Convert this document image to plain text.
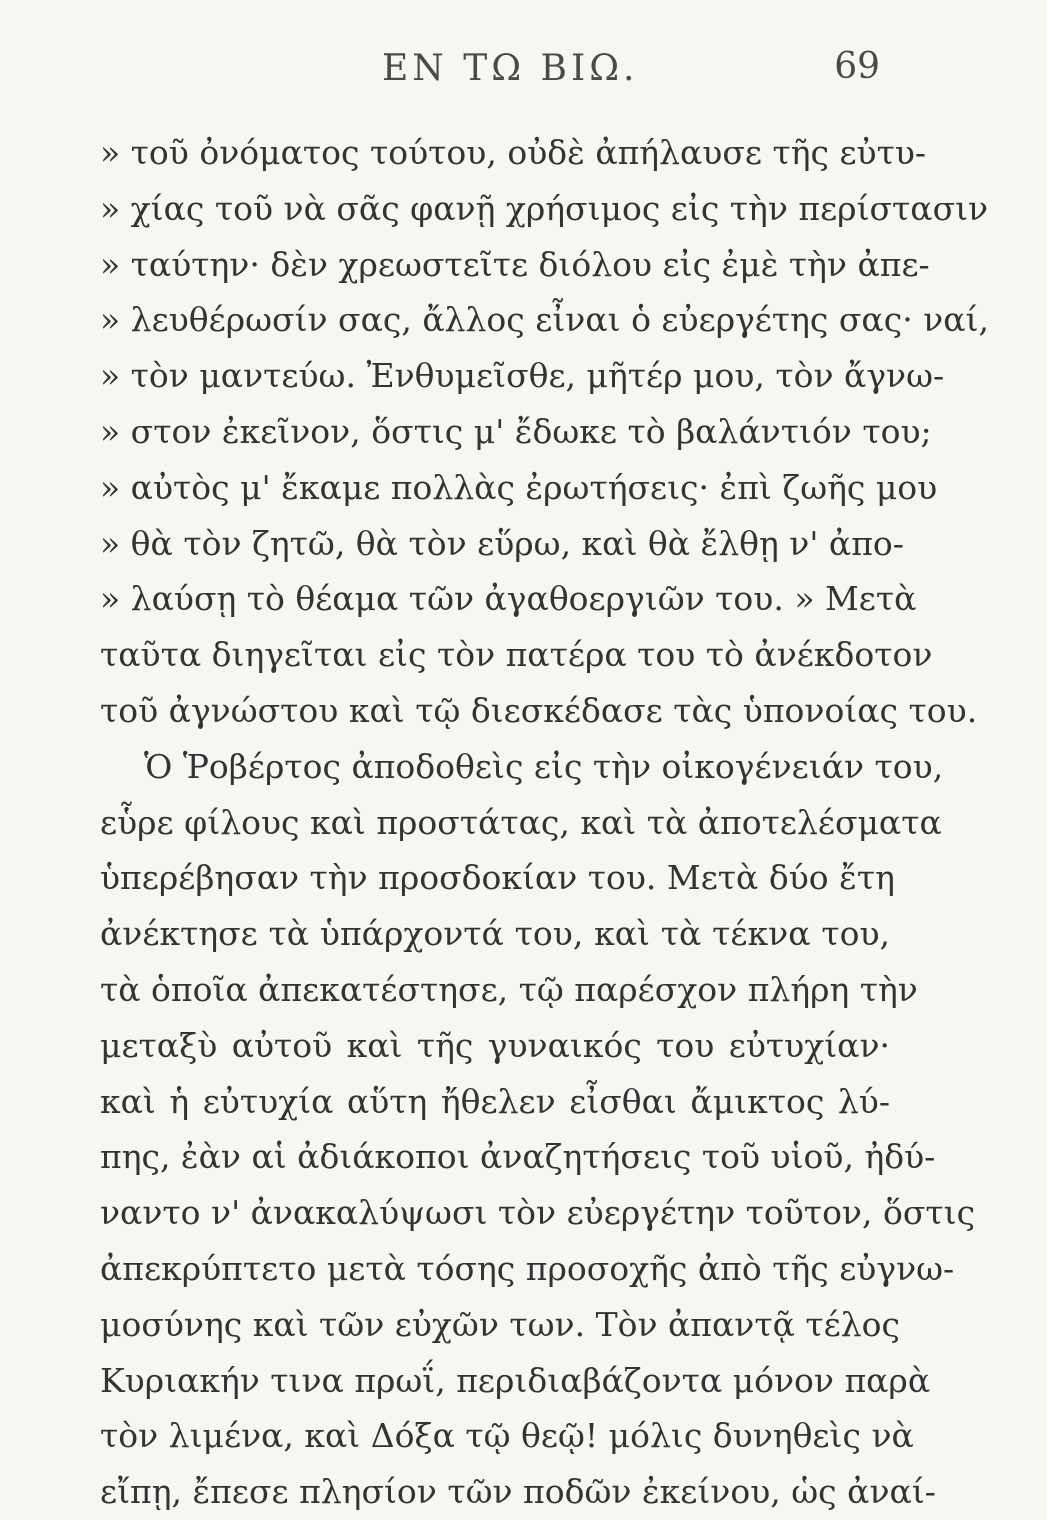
ΕΝ ΤΩ ΒΙΩ.	69
» τοῦ ὀνόματος τούτου, οὐδὲ ἀπήλαυσε τῆς εὐτυ-
» χίας τοῦ νὰ σᾶς φανῇ χρήσιμος εἰς τὴν περίστασιν
» ταύτην· δὲν χρεωστεῖτε διόλου εἰς ἐμὲ τὴν ἀπε-
» λευθέρωσίν σας, ἄλλος εἶναι ὁ εὐεργέτης σας· ναί,
» τὸν μαντεύω. Ἐνθυμεῖσθε, μῆτέρ μου, τὸν ἄγνω-
» στον ἐκεῖνον, ὅστις μ' ἔδωκε τὸ βαλάντιόν του;
» αὐτὸς μ' ἔκαμε πολλὰς ἐρωτήσεις· ἐπὶ ζωῆς μου
» θὰ τὸν ζητῶ, θὰ τὸν εὕρω, καὶ θὰ ἔλθῃ ν' ἀπο-
» λαύσῃ τὸ θέαμα τῶν ἀγαθοεργιῶν του. » Μετὰ
ταῦτα διηγεῖται εἰς τὸν πατέρα του τὸ ἀνέκδοτον
τοῦ ἀγνώστου καὶ τῷ διεσκέδασε τὰς ὑπονοίας του.
Ὁ Ῥοβέρτος ἀποδοθεὶς εἰς τὴν οἰκογένειάν του,
εὗρε φίλους καὶ προστάτας, καὶ τὰ ἀποτελέσματα
ὑπερέβησαν τὴν προσδοκίαν του. Μετὰ δύο ἔτη
ἀνέκτησε τὰ ὑπάρχοντά του, καὶ τὰ τέκνα του,
τὰ ὁποῖα ἀπεκατέστησε, τῷ παρέσχον πλήρη τὴν
μεταξὺ αὐτοῦ καὶ τῆς γυναικός του εὐτυχίαν·
καὶ ἡ εὐτυχία αὕτη ἤθελεν εἶσθαι ἄμικτος λύ-
πης, ἐὰν αἱ ἀδιάκοποι ἀναζητήσεις τοῦ υἱοῦ, ἠδύ-
ναντο ν' ἀνακαλύψωσι τὸν εὐεργέτην τοῦτον, ὅστις
ἀπεκρύπτετο μετὰ τόσης προσοχῆς ἀπὸ τῆς εὐγνω-
μοσύνης καὶ τῶν εὐχῶν των. Τὸν ἀπαντᾷ τέλος
Κυριακήν τινα πρωΐ, περιδιαβάζοντα μόνον παρὰ
τὸν λιμένα, καὶ Δόξα τῷ θεῷ! μόλις δυνηθεὶς νὰ
εἴπῃ, ἔπεσε πλησίον τῶν ποδῶν ἐκείνου, ὡς ἀναί-
